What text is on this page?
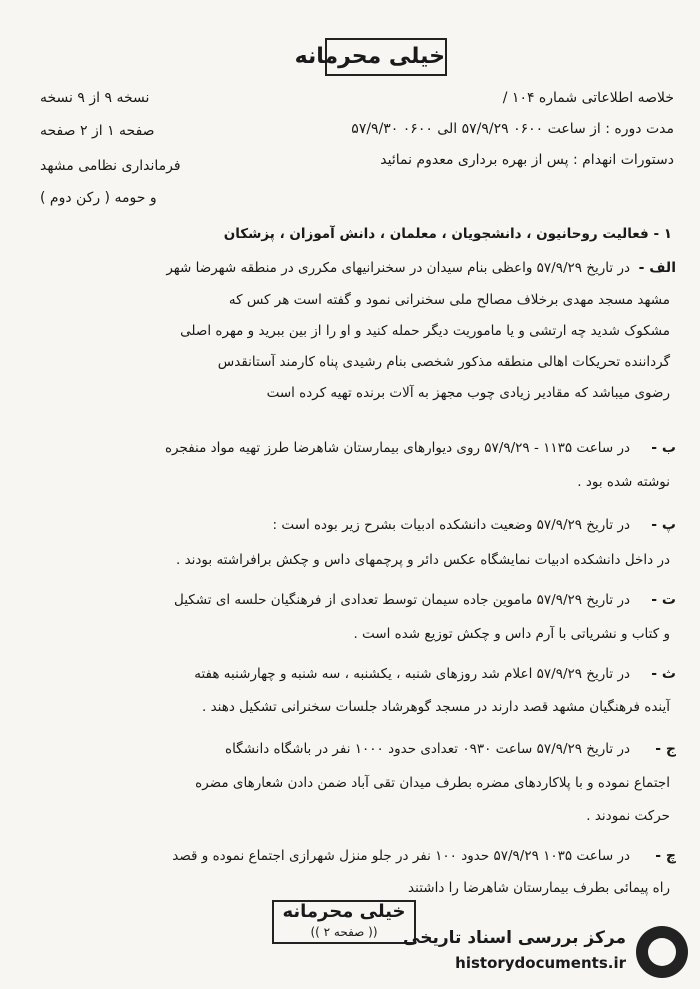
خیلی محرمانه
خلاصه اطلاعاتی شماره ۱۰۴ /
مدت دوره : از ساعت ۰۶۰۰ ۵۷/۹/۲۹ الی ۰۶۰۰ ۵۷/۹/۳۰
دستورات انهدام : پس از بهره برداری معدوم نمائید
نسخه ۹ از ۹ نسخه
صفحه ۱ از ۲ صفحه
فرمانداری نظامی مشهد
و حومه ( رکن دوم )
۱ - فعالیت روحانیون ، دانشجویان ، معلمان ، دانش آموزان ، پزشکان
الف -
در تاریخ ۵۷/۹/۲۹ واعظی بنام سیدان در سخنرانیهای مکرری در منطقه شهرضا شهر
مشهد مسجد مهدی برخلاف مصالح ملی سخنرانی نمود و گفته است هر کس که
مشکوک شدید چه ارتشی و یا ماموریت دیگر حمله کنید و او را از بین ببرید و مهره اصلی
گرداننده تحریکات اهالی منطقه مذکور شخصی بنام رشیدی پناه کارمند آستانقدس
رضوی میباشد که مقادیر زیادی چوب مجهز به آلات برنده تهیه کرده است
ب -
در ساعت ۱۱۳۵ - ۵۷/۹/۲۹ روی دیوارهای بیمارستان شاهرضا طرز تهیه مواد منفجره
نوشته شده بود .
پ -
در تاریخ ۵۷/۹/۲۹ وضعیت دانشکده ادبیات بشرح زیر بوده است :
در داخل دانشکده ادبیات نمایشگاه عکس دائر و پرچمهای داس و چکش برافراشته بودند .
ت -
در تاریخ ۵۷/۹/۲۹ ماموین جاده سیمان توسط تعدادی از فرهنگیان حلسه ای تشکیل
و کتاب و نشریاتی با آرم داس و چکش توزیع شده است .
ث -
در تاریخ ۵۷/۹/۲۹ اعلام شد روزهای شنبه ، یکشنبه ، سه شنبه و چهارشنبه هفته
آینده فرهنگیان مشهد قصد دارند در مسجد گوهرشاد جلسات سخنرانی تشکیل دهند .
ج -
در تاریخ ۵۷/۹/۲۹ ساعت ۰۹۳۰ تعدادی حدود ۱۰۰۰ نفر در باشگاه دانشگاه
اجتماع نموده و با پلاکاردهای مضره بطرف میدان تقی آباد ضمن دادن شعارهای مضره
حرکت نمودند .
چ -
در ساعت ۱۰۳۵ ۵۷/۹/۲۹ حدود ۱۰۰ نفر در جلو منزل شهرازی اجتماع نموده و قصد
راه پیمائی بطرف بیمارستان شاهرضا را داشتند
خیلی محرمانه
(( صفحه ۲ ))	مرکز بررسی اسناد تاریخی
historydocuments.ir
